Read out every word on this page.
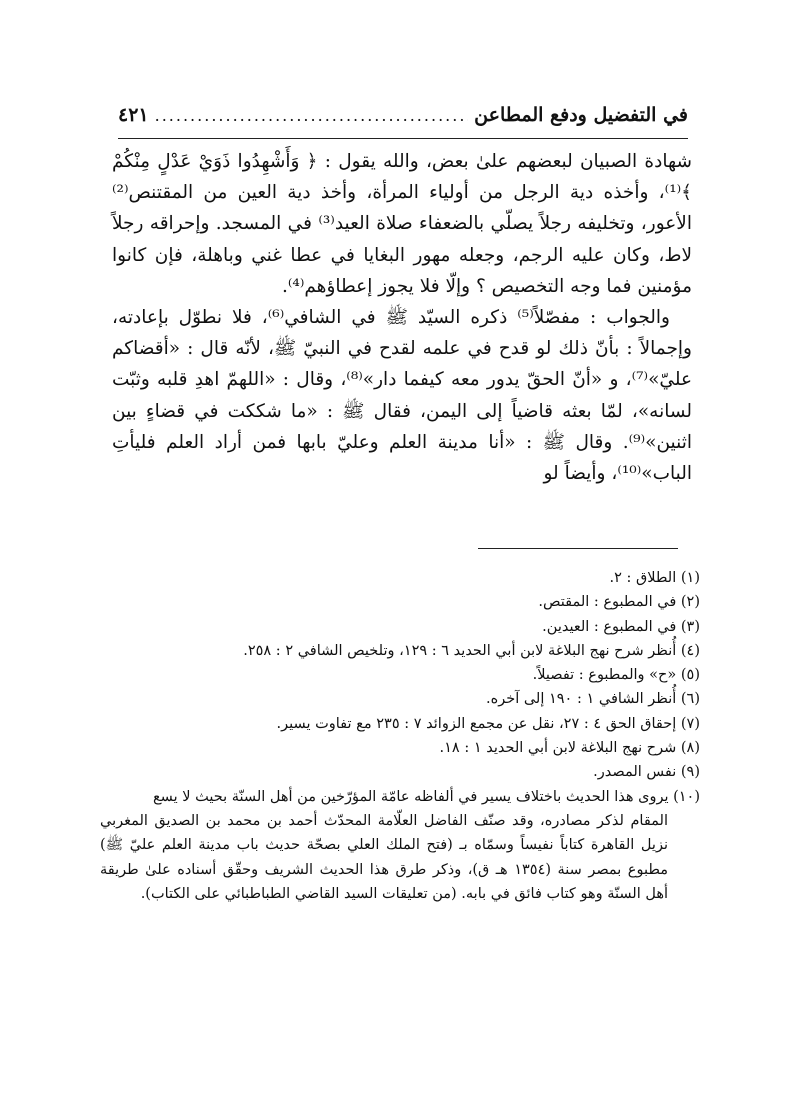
في التفضيل ودفع المطاعن
.....
٤٢١

شهادة الصبيان لبعضهم علىٰ بعض، والله يقول : ﴿ وَأَشْهِدُوا ذَوَيْ عَدْلٍ مِنْكُمْ ﴾⁽¹⁾، وأخذه دية الرجل من أولياء المرأة، وأخذ دية العين من المقتنص⁽²⁾ الأعور، وتخليفه رجلاً يصلّي بالضعفاء صلاة العيد⁽³⁾ في المسجد. وإحراقه رجلاً لاط، وكان عليه الرجم، وجعله مهور البغايا في عطا غني وباهلة، فإن كانوا مؤمنين فما وجه التخصيص ؟ وإلّا فلا يجوز إعطاؤهم⁽⁴⁾.

والجواب : مفصّلاً⁽⁵⁾ ذكره السيّد ﷺ في الشافي⁽⁶⁾، فلا نطوّل بإعادته، وإجمالاً : بأنّ ذلك لو قدح في علمه لقدح في النبيّ ﷺ، لأنّه قال : «أقضاكم عليّ»⁽⁷⁾، و «أنّ الحقّ يدور معه كيفما دار»⁽⁸⁾، وقال : «اللهمّ اهدِ قلبه وثبّت لسانه»، لمّا بعثه قاضياً إلى اليمن، فقال ﷺ : «ما شككت في قضاءٍ بين اثنين»⁽⁹⁾. وقال ﷺ : «أنا مدينة العلم وعليّ بابها فمن أراد العلم فليأتِ الباب»⁽¹⁰⁾، وأيضاً لو

(١) الطلاق : ٢.

(٢) في المطبوع : المقتص.

(٣) في المطبوع : العيدين.

(٤) أُنظر شرح نهج البلاغة لابن أبي الحديد ٦ : ١٢٩، وتلخيص الشافي ٢ : ٢٥٨.

(٥) «ح» والمطبوع : تفصيلاً.

(٦) أُنظر الشافي ١ : ١٩٠ إلى آخره.

(٧) إحقاق الحق ٤ : ٢٧، نقل عن مجمع الزوائد ٧ : ٢٣٥ مع تفاوت يسير.

(٨) شرح نهج البلاغة لابن أبي الحديد ١ : ١٨.

(٩) نفس المصدر.

(١٠) يروى هذا الحديث باختلاف يسير في ألفاظه عامّة المؤرّخين من أهل السنّة بحيث لا يسع

المقام لذكر مصادره، وقد صنّف الفاضل العلّامة المحدّث أحمد بن محمد بن الصديق المغربي نزيل القاهرة كتاباً نفيساً وسمّاه بـ (فتح الملك العلي بصحّة حديث باب مدينة العلم عليّ ﷺ) مطبوع بمصر سنة (١٣٥٤ هـ ق)، وذكر طرق هذا الحديث الشريف وحقّق أسناده علىٰ طريقة أهل السنّة وهو كتاب فائق في بابه. (من تعليقات السيد القاضي الطباطبائي على الكتاب).
